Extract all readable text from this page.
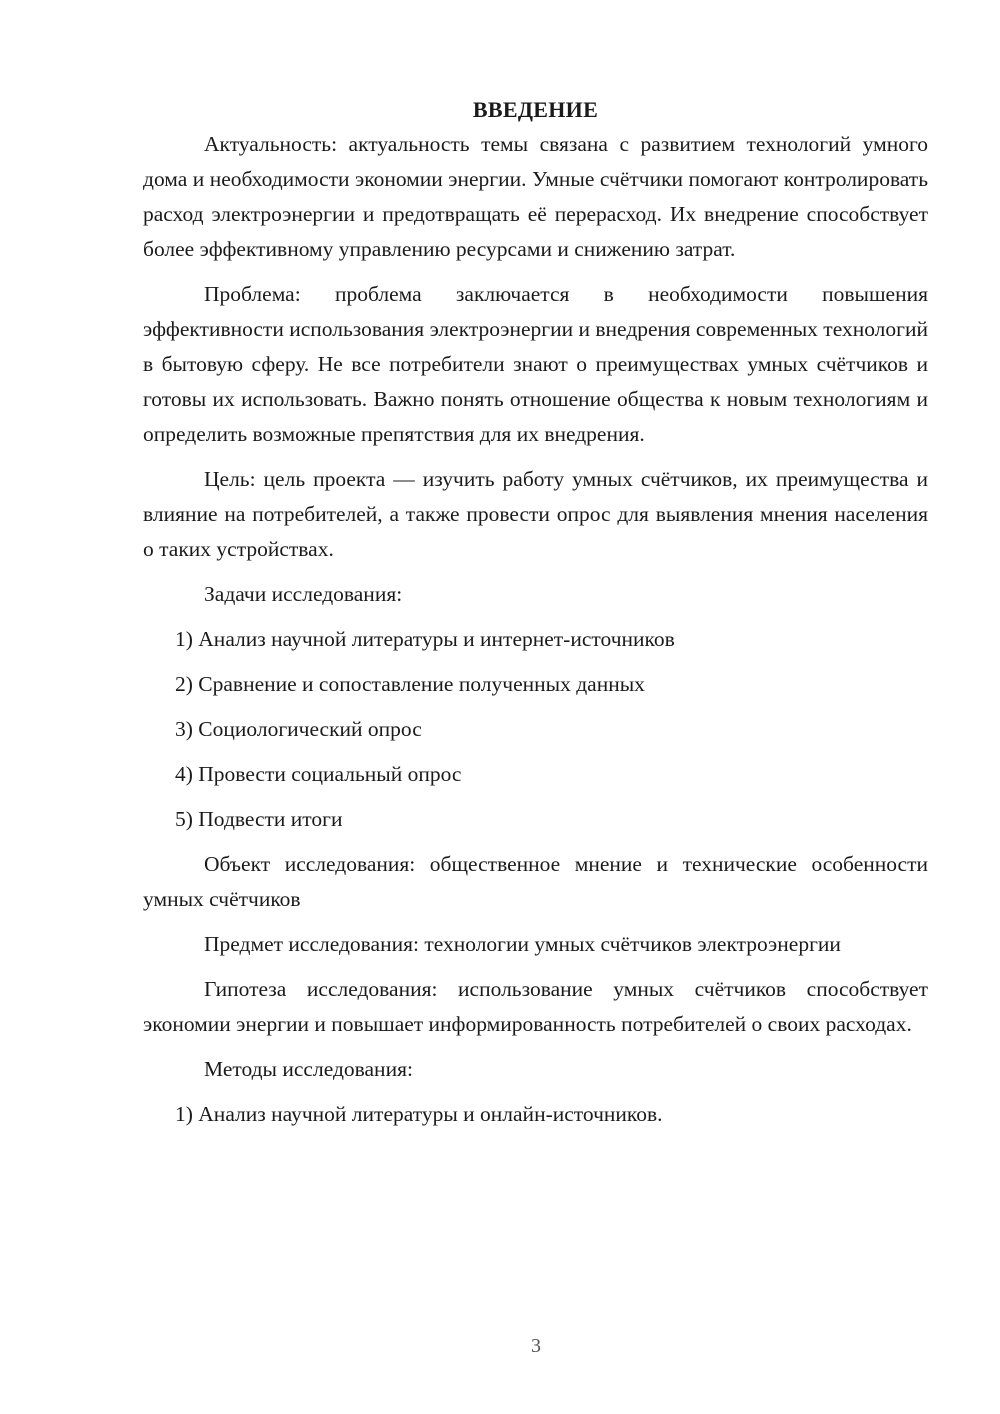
ВВЕДЕНИЕ

Актуальность: актуальность темы связана с развитием технологий умного дома и необходимости экономии энергии. Умные счётчики помогают контролировать расход электроэнергии и предотвращать её перерасход. Их внедрение способствует более эффективному управлению ресурсами и снижению затрат.

Проблема: проблема заключается в необходимости повышения эффективности использования электроэнергии и внедрения современных технологий в бытовую сферу. Не все потребители знают о преимуществах умных счётчиков и готовы их использовать. Важно понять отношение общества к новым технологиям и определить возможные препятствия для их внедрения.

Цель: цель проекта — изучить работу умных счётчиков, их преимущества и влияние на потребителей, а также провести опрос для выявления мнения населения о таких устройствах.

Задачи исследования:
1) Анализ научной литературы и интернет-источников
2) Сравнение и сопоставление полученных данных
3) Социологический опрос
4) Провести социальный опрос
5) Подвести итоги

Объект исследования: общественное мнение и технические особенности умных счётчиков

Предмет исследования: технологии умных счётчиков электроэнергии

Гипотеза исследования: использование умных счётчиков способствует экономии энергии и повышает информированность потребителей о своих расходах.

Методы исследования:
1) Анализ научной литературы и онлайн-источников.
3
